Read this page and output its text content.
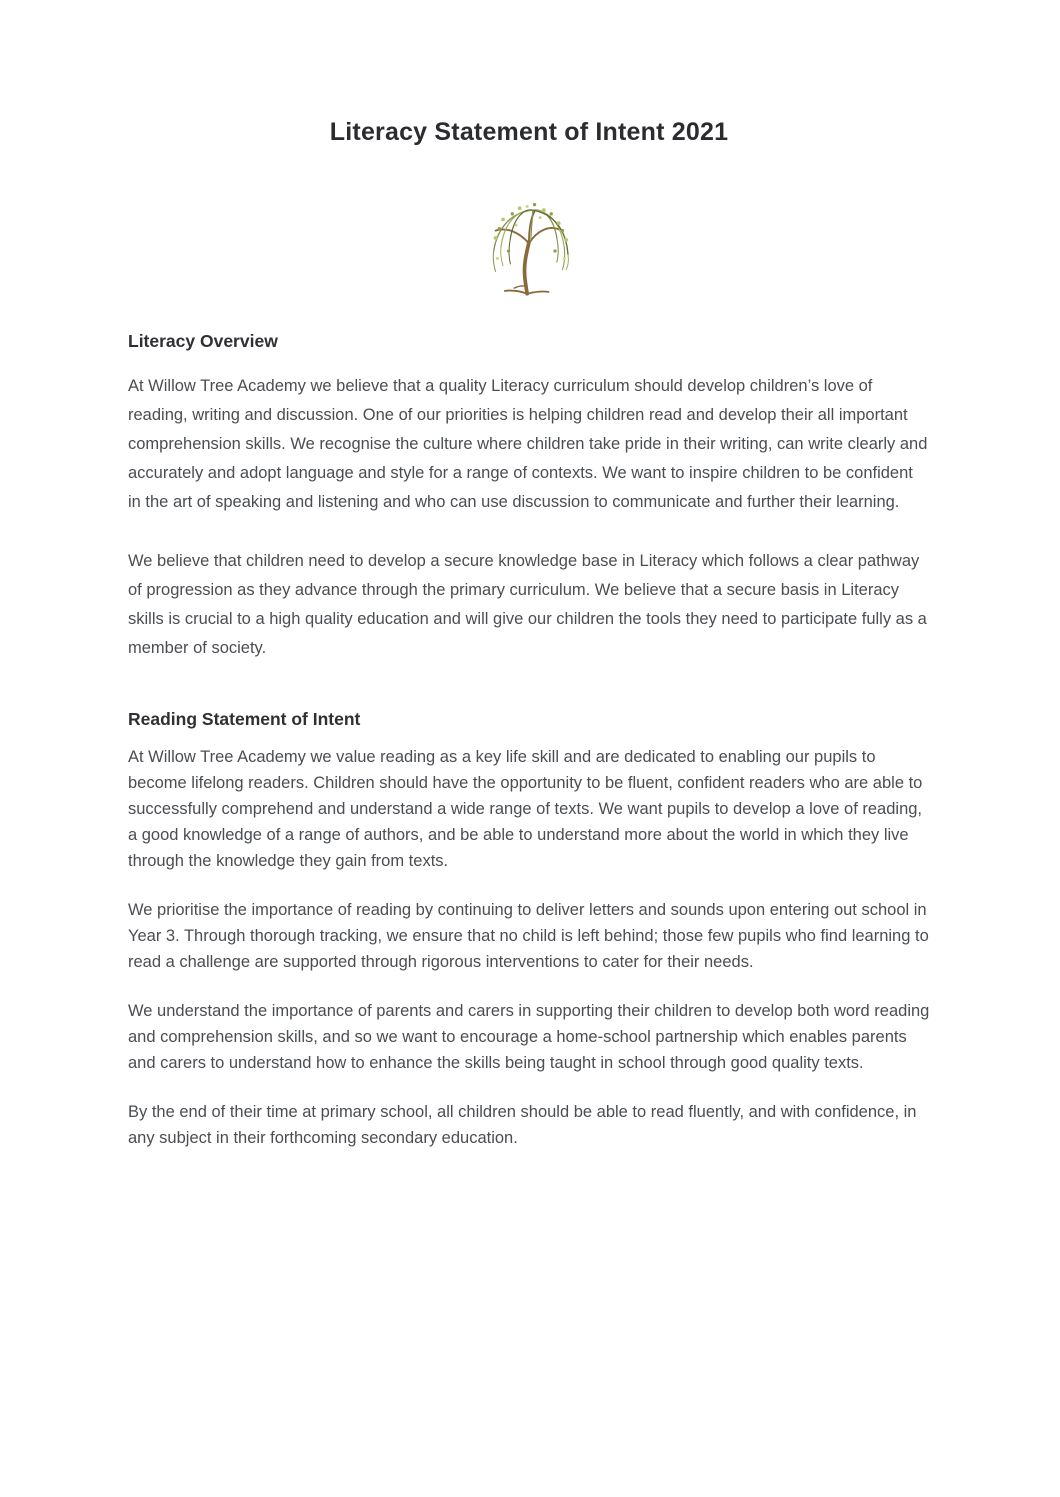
Literacy Statement of Intent 2021
Literacy Overview

At Willow Tree Academy we believe that a quality Literacy curriculum should develop children’s love of reading, writing and discussion. One of our priorities is helping children read and develop their all important comprehension skills. We recognise the culture where children take pride in their writing, can write clearly and accurately and adopt language and style for a range of contexts. We want to inspire children to be confident in the art of speaking and listening and who can use discussion to communicate and further their learning.

We believe that children need to develop a secure knowledge base in Literacy which follows a clear pathway of progression as they advance through the primary curriculum. We believe that a secure basis in Literacy skills is crucial to a high quality education and will give our children the tools they need to participate fully as a member of society.

Reading Statement of Intent

At Willow Tree Academy we value reading as a key life skill and are dedicated to enabling our pupils to become lifelong readers. Children should have the opportunity to be fluent, confident readers who are able to successfully comprehend and understand a wide range of texts. We want pupils to develop a love of reading, a good knowledge of a range of authors, and be able to understand more about the world in which they live through the knowledge they gain from texts.

We prioritise the importance of reading by continuing to deliver letters and sounds upon entering out school in Year 3. Through thorough tracking, we ensure that no child is left behind; those few pupils who find learning to read a challenge are supported through rigorous interventions to cater for their needs.

We understand the importance of parents and carers in supporting their children to develop both word reading and comprehension skills, and so we want to encourage a home-school partnership which enables parents and carers to understand how to enhance the skills being taught in school through good quality texts.

By the end of their time at primary school, all children should be able to read fluently, and with confidence, in any subject in their forthcoming secondary education.
